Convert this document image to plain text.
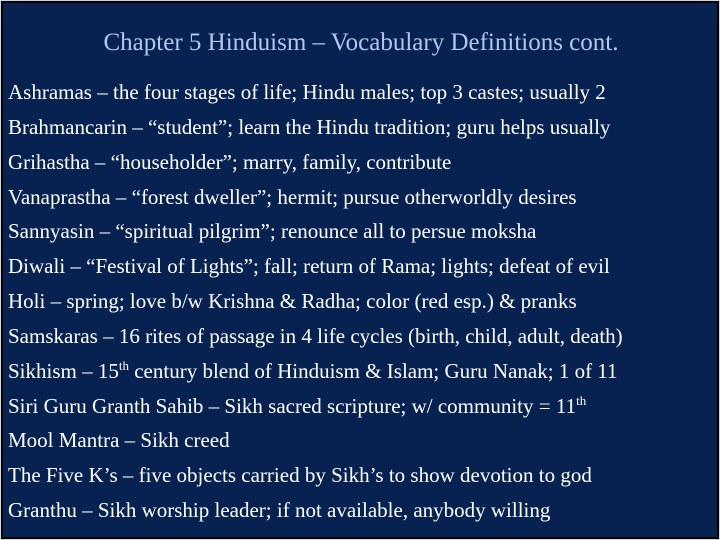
Chapter 5 Hinduism – Vocabulary Definitions cont.
Ashramas – the four stages of life; Hindu males; top 3 castes; usually 2
Brahmancarin – “student”; learn the Hindu tradition; guru helps usually
Grihastha – “householder”; marry, family, contribute
Vanaprastha – “forest dweller”; hermit; pursue otherworldly desires
Sannyasin – “spiritual pilgrim”; renounce all to persue moksha
Diwali – “Festival of Lights”; fall; return of Rama; lights; defeat of evil
Holi – spring; love b/w Krishna & Radha; color (red esp.) & pranks
Samskaras – 16 rites of passage in 4 life cycles (birth, child, adult, death)
Sikhism – 15th century blend of Hinduism & Islam; Guru Nanak; 1 of 11
Siri Guru Granth Sahib – Sikh sacred scripture; w/ community = 11th
Mool Mantra – Sikh creed
The Five K’s – five objects carried by Sikh’s to show devotion to god
Granthu – Sikh worship leader; if not available, anybody willing
